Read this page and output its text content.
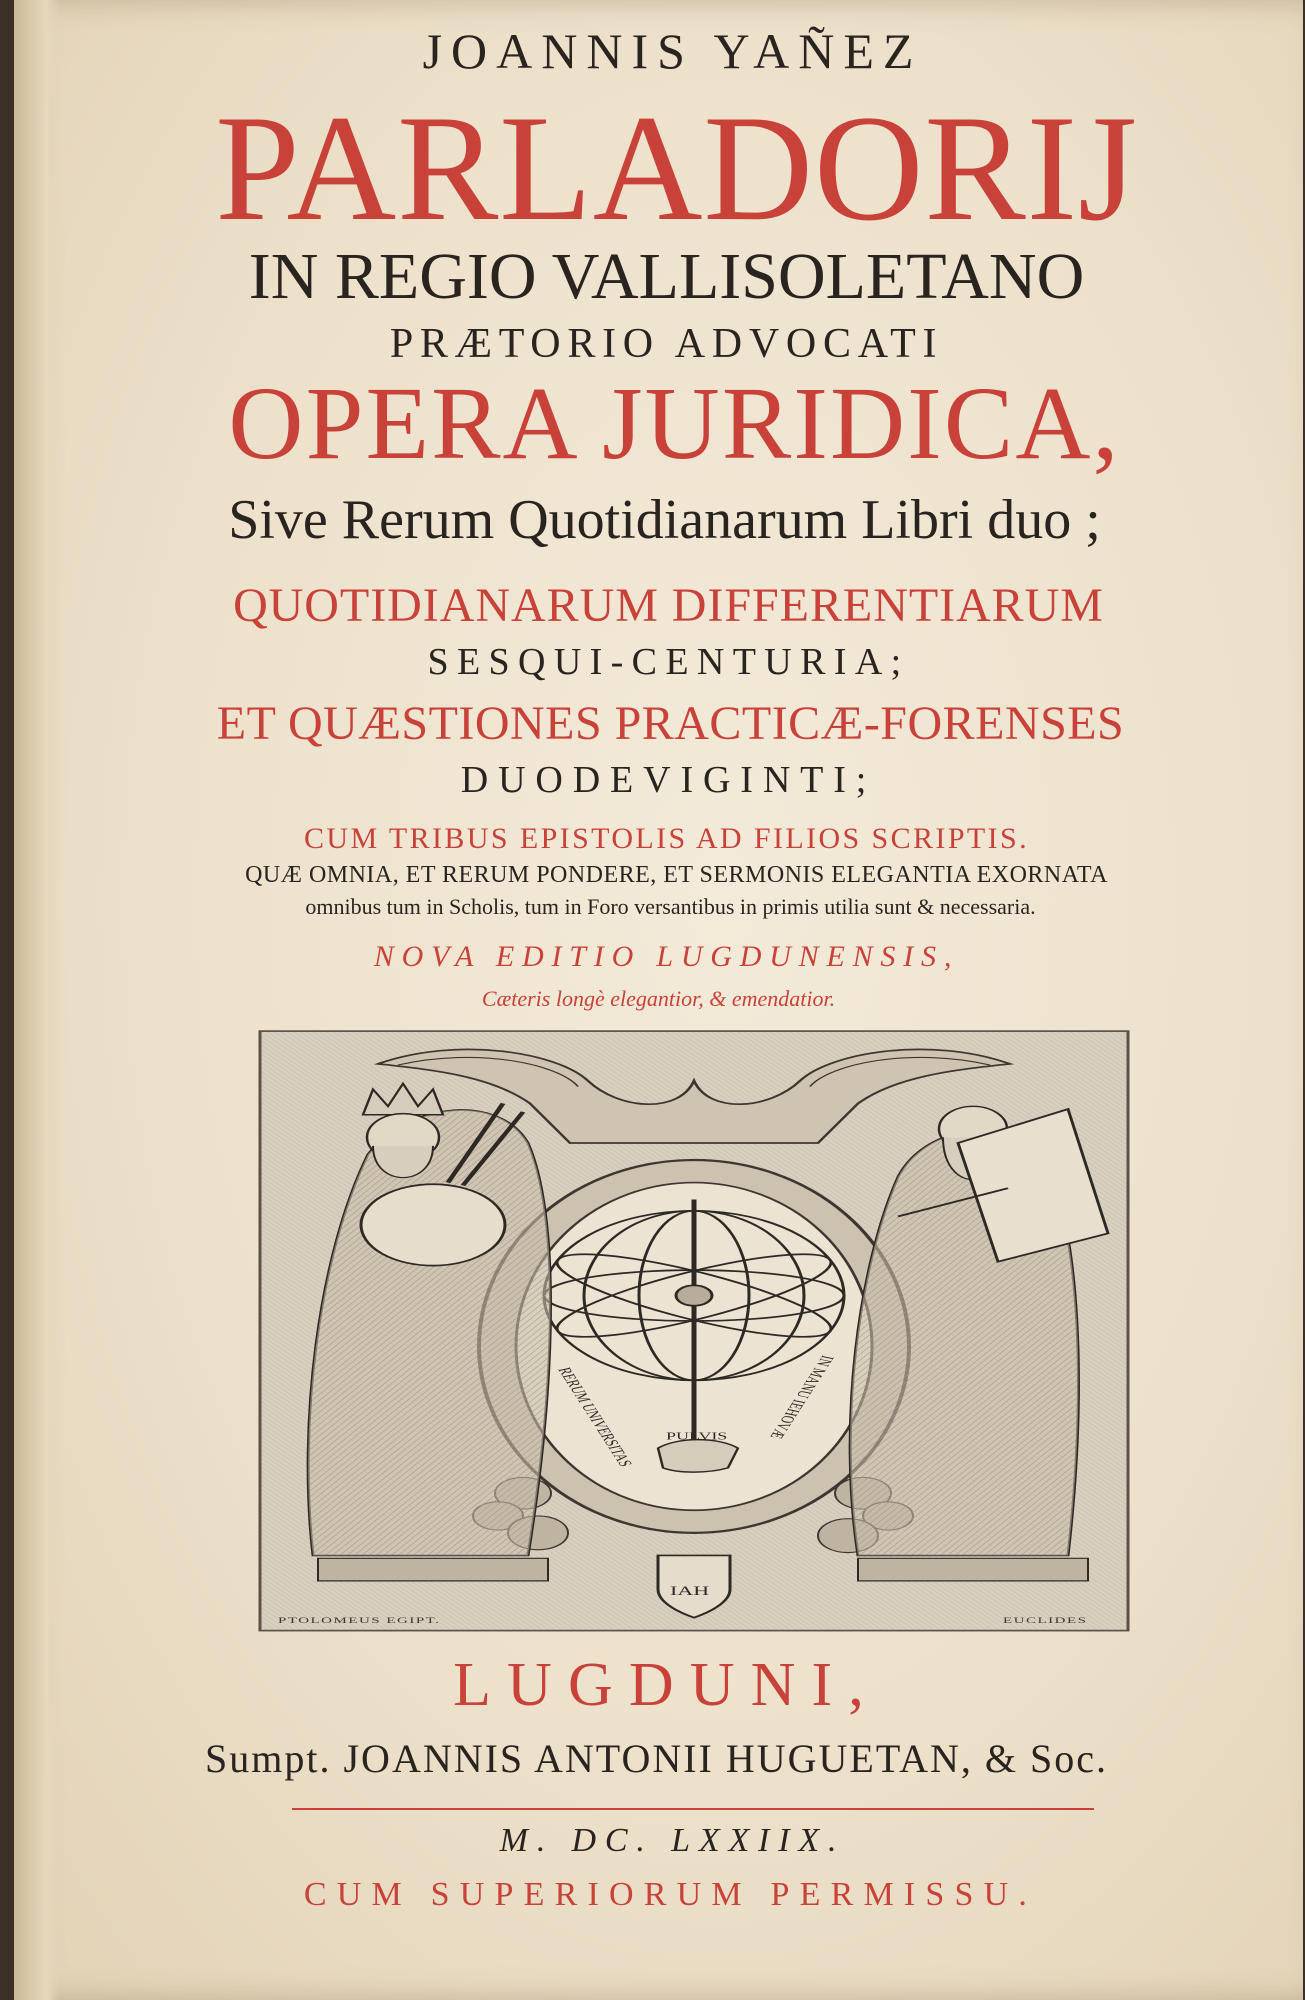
JOANNIS YAÑEZ
PARLADORIJ
IN REGIO VALLISOLETANO
PRÆTORIO ADVOCATI
OPERA JURIDICA,
Sive Rerum Quotidianarum Libri duo ;
QUOTIDIANARUM DIFFERENTIARUM
SESQUI-CENTURIA;
ET QUÆSTIONES PRACTICÆ-FORENSES
DUODEVIGINTI;
CUM TRIBUS EPISTOLIS AD FILIOS SCRIPTIS.
QUÆ OMNIA, ET RERUM PONDERE, ET SERMONIS ELEGANTIA EXORNATA
omnibus tum in Scholis, tum in Foro versantibus in primis utilia sunt & necessaria.
NOVA EDITIO LUGDUNENSIS,
Cæteris longè elegantior, & emendatior.
RERUM UNIVERSITAS PULVIS IN MANU IEHOVÆ
IAH
PTOLOMEUS EGIPT.	EUCLIDES
LUGDUNI,
Sumpt. JOANNIS ANTONII HUGUETAN, & Soc.
M. DC. LXXIIX.
CUM SUPERIORUM PERMISSU.
